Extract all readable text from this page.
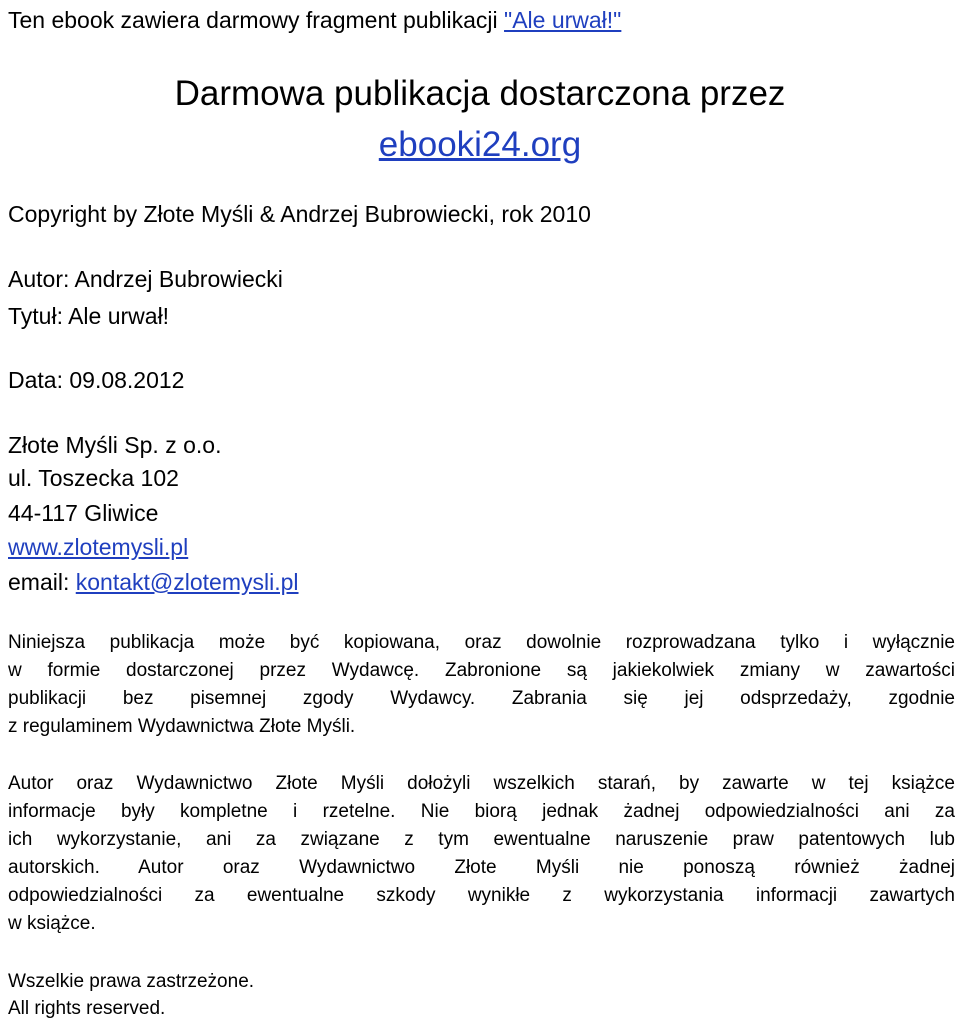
Ten ebook zawiera darmowy fragment publikacji "Ale urwał!"
Darmowa publikacja dostarczona przez
ebooki24.org
Copyright by Złote Myśli & Andrzej Bubrowiecki, rok 2010
Autor: Andrzej Bubrowiecki
Tytuł: Ale urwał!
Data: 09.08.2012
Złote Myśli Sp. z o.o.
ul. Toszecka 102
44-117 Gliwice
www.zlotemysli.pl
email: kontakt@zlotemysli.pl
Niniejsza publikacja może być kopiowana, oraz dowolnie rozprowadzana tylko i wyłącznie
w formie dostarczonej przez Wydawcę. Zabronione są jakiekolwiek zmiany w zawartości
publikacji bez pisemnej zgody Wydawcy. Zabrania się jej odsprzedaży, zgodnie
z regulaminem Wydawnictwa Złote Myśli.
Autor oraz Wydawnictwo Złote Myśli dołożyli wszelkich starań, by zawarte w tej książce
informacje były kompletne i rzetelne. Nie biorą jednak żadnej odpowiedzialności ani za
ich wykorzystanie, ani za związane z tym ewentualne naruszenie praw patentowych lub
autorskich. Autor oraz Wydawnictwo Złote Myśli nie ponoszą również żadnej
odpowiedzialności za ewentualne szkody wynikłe z wykorzystania informacji zawartych
w książce.
Wszelkie prawa zastrzeżone.
All rights reserved.
